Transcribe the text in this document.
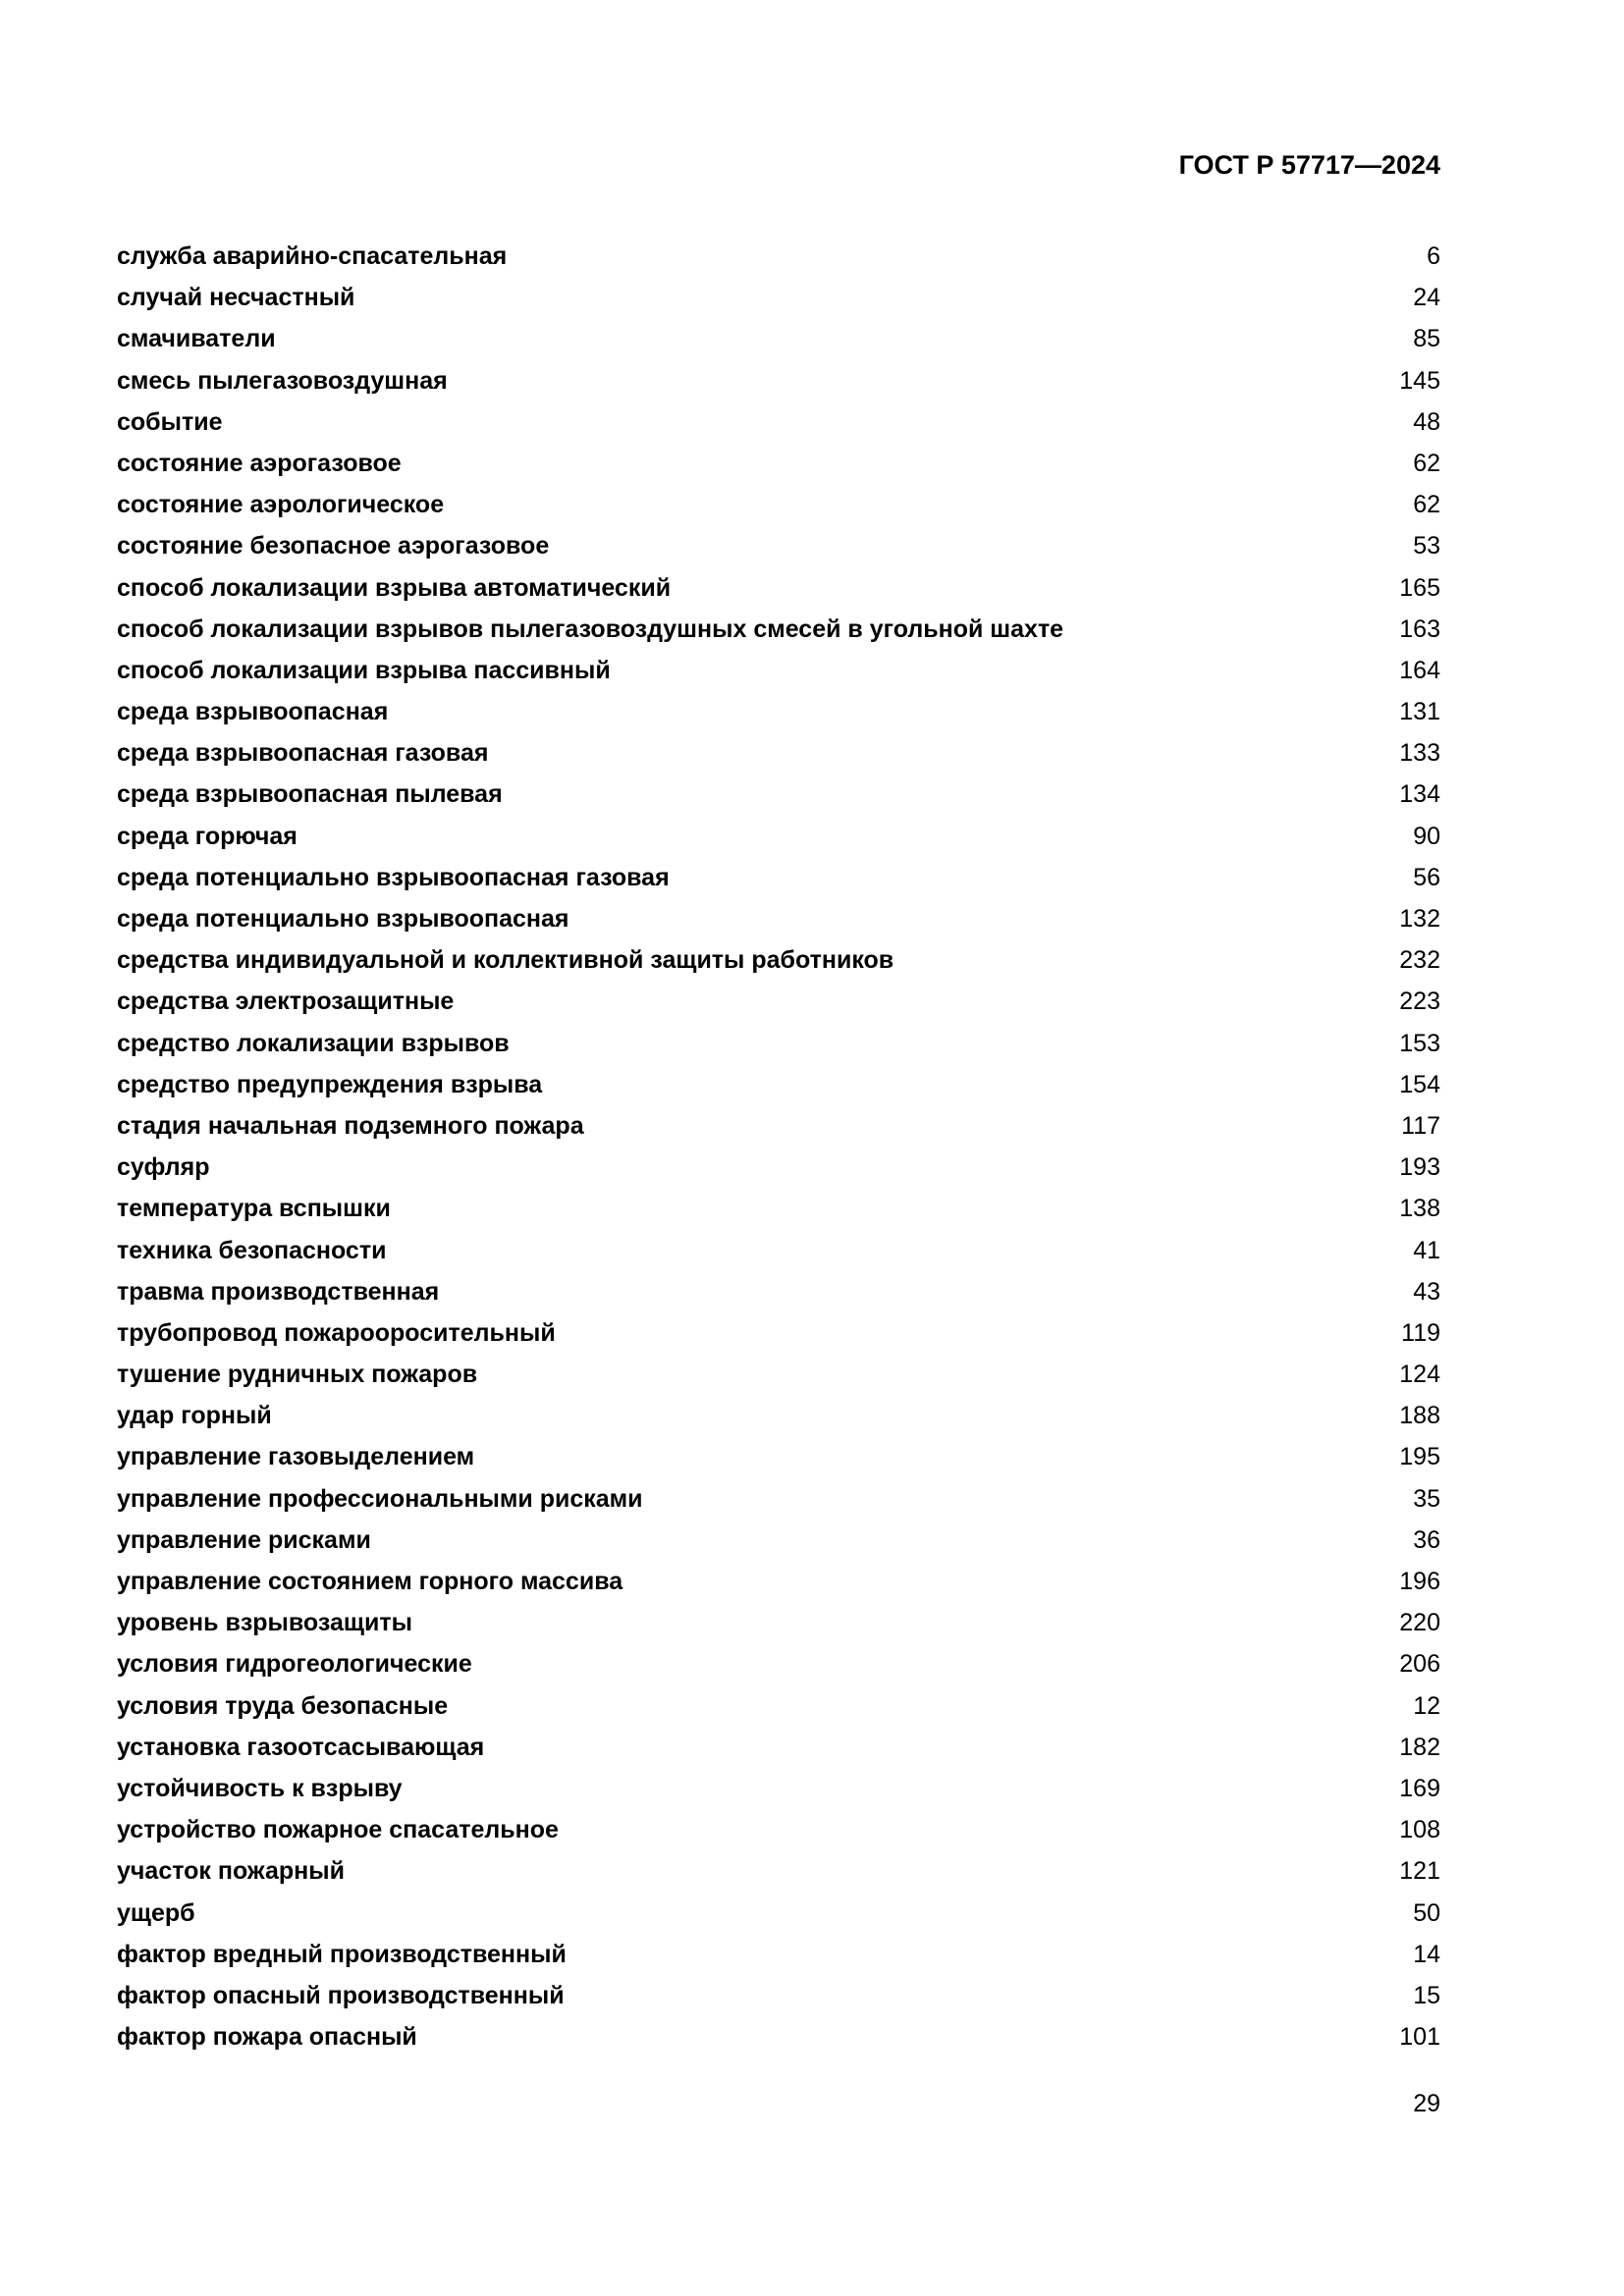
ГОСТ Р 57717—2024
служба аварийно-спасательная	6
случай несчастный	24
смачиватели	85
смесь пылегазовоздушная	145
событие	48
состояние аэрогазовое	62
состояние аэрологическое	62
состояние безопасное аэрогазовое	53
способ локализации взрыва автоматический	165
способ локализации взрывов пылегазовоздушных смесей в угольной шахте	163
способ локализации взрыва пассивный	164
среда взрывоопасная	131
среда взрывоопасная газовая	133
среда взрывоопасная пылевая	134
среда горючая	90
среда потенциально взрывоопасная газовая	56
среда потенциально взрывоопасная	132
средства индивидуальной и коллективной защиты работников	232
средства электрозащитные	223
средство локализации взрывов	153
средство предупреждения взрыва	154
стадия начальная подземного пожара	117
суфляр	193
температура вспышки	138
техника безопасности	41
травма производственная	43
трубопровод пожарооросительный	119
тушение рудничных пожаров	124
удар горный	188
управление газовыделением	195
управление профессиональными рисками	35
управление рисками	36
управление состоянием горного массива	196
уровень взрывозащиты	220
условия гидрогеологические	206
условия труда безопасные	12
установка газоотсасывающая	182
устойчивость к взрыву	169
устройство пожарное спасательное	108
участок пожарный	121
ущерб	50
фактор вредный производственный	14
фактор опасный производственный	15
фактор пожара опасный	101
29
